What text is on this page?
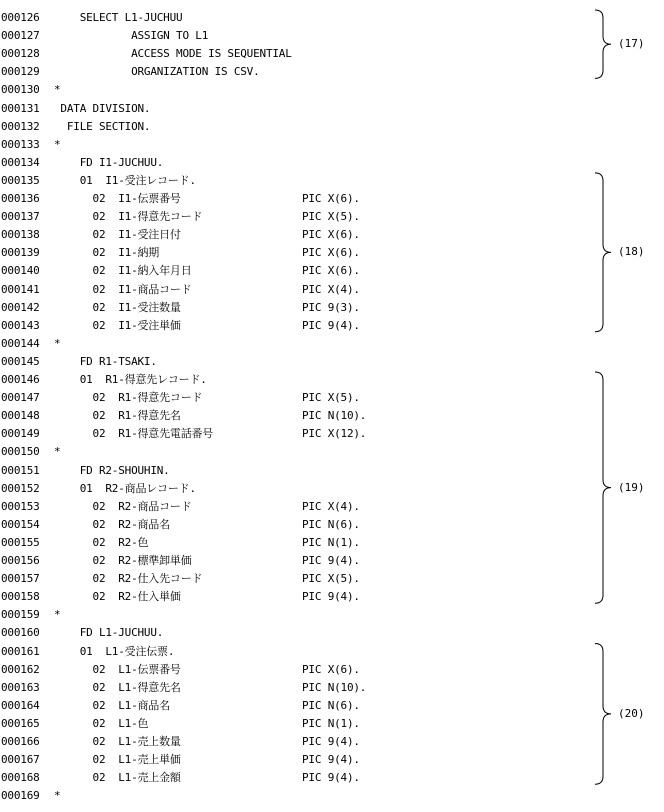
000126 SELECT L1-JUCHUU
000127 ASSIGN TO L1
000128 ACCESS MODE IS SEQUENTIAL
000129 ORGANIZATION IS CSV.
000130 *
000131 DATA DIVISION.
000132 FILE SECTION.
000133 *
000134 FD I1-JUCHUU.
000135 01  I1-受注レコード.
000136 02  I1-伝票番号	PIC X(6).
000137 02  I1-得意先コード	PIC X(5).
000138 02  I1-受注日付	PIC X(6).
000139 02  I1-納期	PIC X(6).
000140 02  I1-納入年月日	PIC X(6).
000141 02  I1-商品コード	PIC X(4).
000142 02  I1-受注数量	PIC 9(3).
000143 02  I1-受注単価	PIC 9(4).
000144 *
000145 FD R1-TSAKI.
000146 01  R1-得意先レコード.
000147 02  R1-得意先コード	PIC X(5).
000148 02  R1-得意先名	PIC N(10).
000149 02  R1-得意先電話番号	PIC X(12).
000150 *
000151 FD R2-SHOUHIN.
000152 01  R2-商品レコード.
000153 02  R2-商品コード	PIC X(4).
000154 02  R2-商品名	PIC N(6).
000155 02  R2-色	PIC N(1).
000156 02  R2-標準卸単価	PIC 9(4).
000157 02  R2-仕入先コード	PIC X(5).
000158 02  R2-仕入単価	PIC 9(4).
000159 *
000160 FD L1-JUCHUU.
000161 01  L1-受注伝票.
000162 02  L1-伝票番号	PIC X(6).
000163 02  L1-得意先名	PIC N(10).
000164 02  L1-商品名	PIC N(6).
000165 02  L1-色	PIC N(1).
000166 02  L1-売上数量	PIC 9(4).
000167 02  L1-売上単価	PIC 9(4).
000168 02  L1-売上金額	PIC 9(4).
000169 *
(17)
(18)
(19)
(20)
